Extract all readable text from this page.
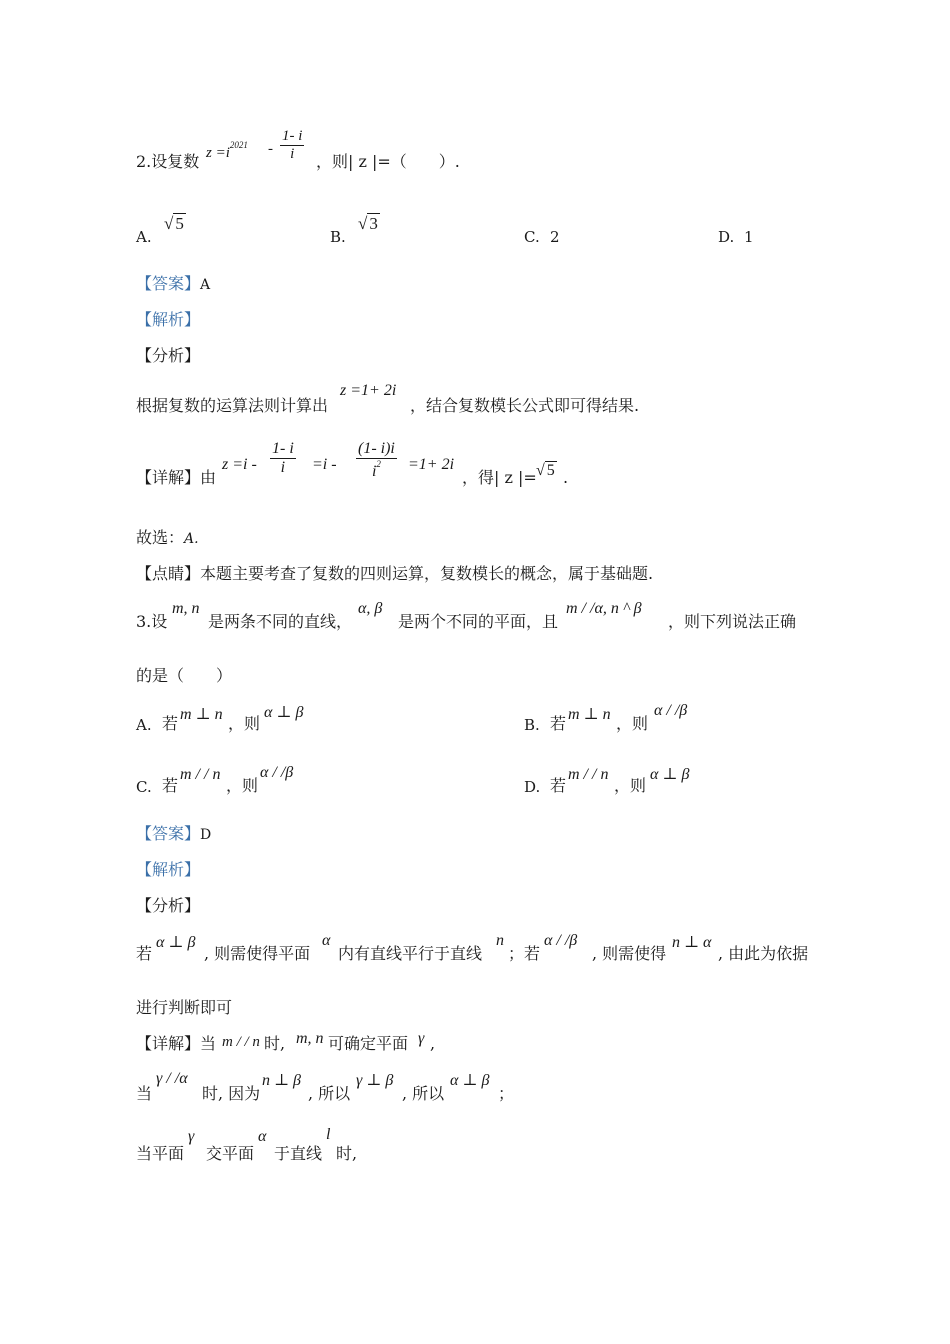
2.设复数 $z =i^{2021} - \frac{1- i}{i}$ ，则| z |=（　　）.
A.
√ 5
B.
√ 3
C. 2	D. 1
【答案】A
【解析】
【分析】
根据复数的运算法则计算出
z =1+ 2i
，结合复数模长公式即可得结果.
【详解】由
$z =i - \frac{1- i}{i} =i - \frac{(1- i)i}{i^2} =1+ 2i$
，得| z |= √ 5 .
故选：A.
【点睛】本题主要考查了复数的四则运算，复数模长的概念，属于基础题.
3.设
m, n
是两条不同的直线，
α, β
是两个不同的平面，且
m / /α, n ^ β
，则下列说法正确
的是（　　）
A. 若 m ⊥ n ，则
α ⊥ β
B. 若 m ⊥ n ，则
α / /β
C. 若
m / / n
，则
α / /β
D. 若
m / / n
，则
α ⊥ β
【答案】D
【解析】
【分析】
若
α ⊥ β
, 则需使得平面
α
内有直线平行于直线
n
；若
α / /β
, 则需使得
n ⊥ α
, 由此为依据
进行判断即可
【详解】当 m / / n 时, m, n 可确定平面 γ ,
当
γ / /α
时, 因为
n ⊥ β
, 所以
γ ⊥ β
, 所以
α ⊥ β
；
当平面
γ
交平面
α
于直线
l
时,
